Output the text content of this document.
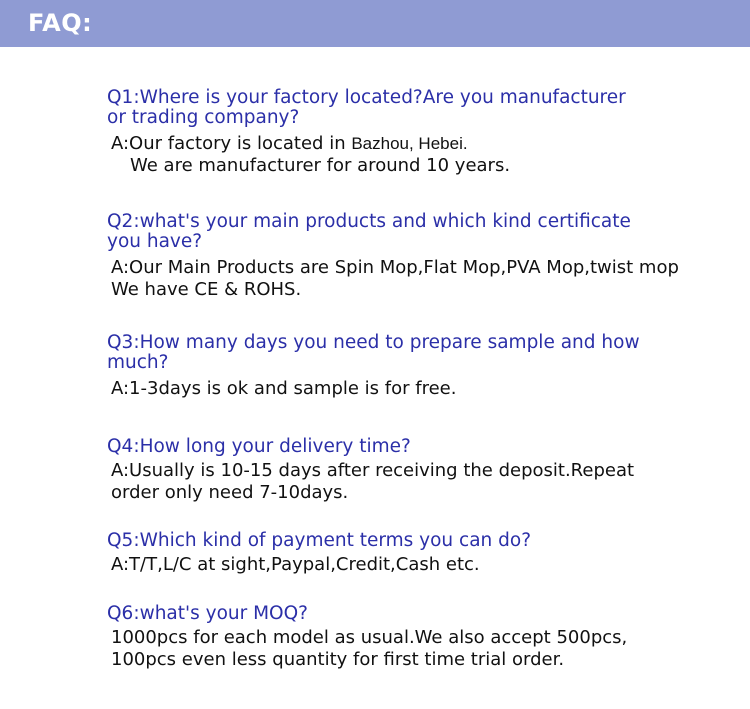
FAQ:
Q1:Where is your factory located?Are you manufacturer
or trading company?
A:Our factory is located in Bazhou, Hebei.
We are manufacturer for around 10 years.
Q2:what's your main products and which kind certificate
you have?
A:Our Main Products are Spin Mop,Flat Mop,PVA Mop,twist mop
We have CE & ROHS.
Q3:How many days you need to prepare sample and how
much?
A:1-3days is ok and sample is for free.
Q4:How long your delivery time?
A:Usually is 10-15 days after receiving the deposit.Repeat
order only need 7-10days.
Q5:Which kind of payment terms you can do?
A:T/T,L/C at sight,Paypal,Credit,Cash etc.
Q6:what's your MOQ?
1000pcs for each model as usual.We also accept 500pcs,
100pcs even less quantity for first time trial order.
